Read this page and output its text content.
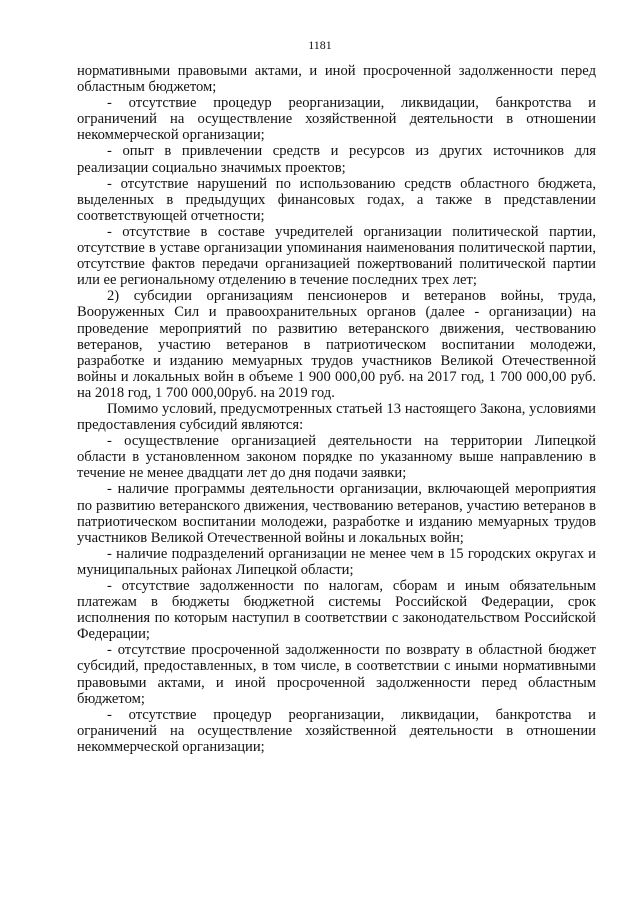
1181

нормативными правовыми актами, и иной просроченной задолженности перед областным бюджетом;

- отсутствие процедур реорганизации, ликвидации, банкротства и ограничений на осуществление хозяйственной деятельности в отношении некоммерческой организации;

- опыт в привлечении средств и ресурсов из других источников для реализации социально значимых проектов;

- отсутствие нарушений по использованию средств областного бюджета, выделенных в предыдущих финансовых годах, а также в представлении соответствующей отчетности;

- отсутствие в составе учредителей организации политической партии, отсутствие в уставе организации упоминания наименования политической партии, отсутствие фактов передачи организацией пожертвований политической партии или ее региональному отделению в течение последних трех лет;

2) субсидии организациям пенсионеров и ветеранов войны, труда, Вооруженных Сил и правоохранительных органов (далее - организации) на проведение мероприятий по развитию ветеранского движения, чествованию ветеранов, участию ветеранов в патриотическом воспитании молодежи, разработке и изданию мемуарных трудов участников Великой Отечественной войны и локальных войн в объеме 1 900 000,00 руб. на 2017 год, 1 700 000,00 руб. на 2018 год, 1 700 000,00руб. на 2019 год.

Помимо условий, предусмотренных статьей 13 настоящего Закона, условиями предоставления субсидий являются:

- осуществление организацией деятельности на территории Липецкой области в установленном законом порядке по указанному выше направлению в течение не менее двадцати лет до дня подачи заявки;

- наличие программы деятельности организации, включающей мероприятия по развитию ветеранского движения, чествованию ветеранов, участию ветеранов в патриотическом воспитании молодежи, разработке и изданию мемуарных трудов участников Великой Отечественной войны и локальных войн;

- наличие подразделений организации не менее чем в 15 городских округах и муниципальных районах Липецкой области;

- отсутствие задолженности по налогам, сборам и иным обязательным платежам в бюджеты бюджетной системы Российской Федерации, срок исполнения по которым наступил в соответствии с законодательством Российской Федерации;

- отсутствие просроченной задолженности по возврату в областной бюджет субсидий, предоставленных, в том числе, в соответствии с иными нормативными правовыми актами, и иной просроченной задолженности перед областным бюджетом;

- отсутствие процедур реорганизации, ликвидации, банкротства и ограничений на осуществление хозяйственной деятельности в отношении некоммерческой организации;
